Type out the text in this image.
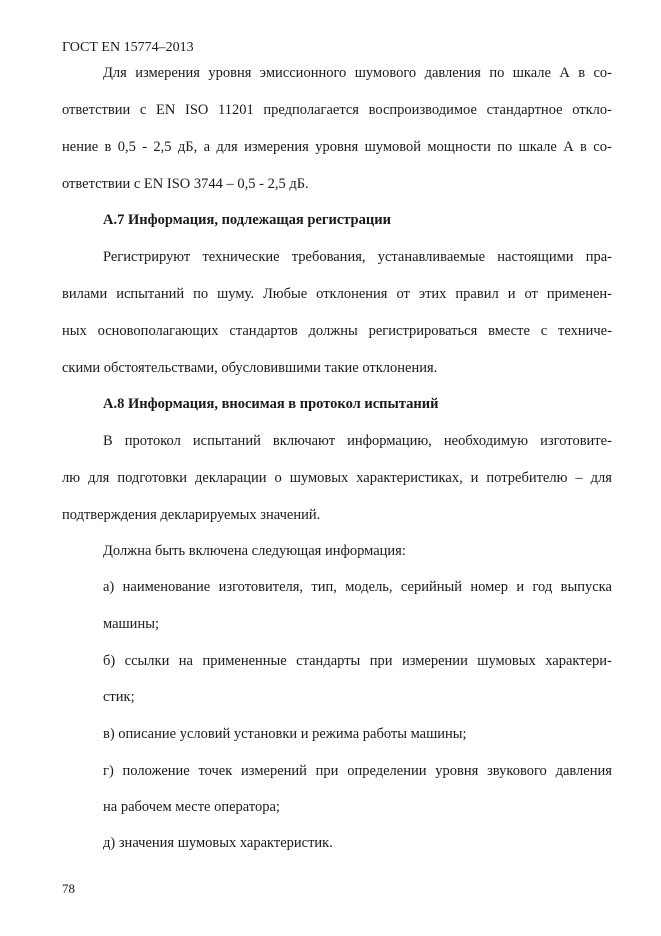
ГОСТ EN 15774–2013
Для измерения уровня эмиссионного шумового давления по шкале А в со-
ответствии с EN ISO 11201 предполагается воспроизводимое стандартное откло-
нение в 0,5 - 2,5 дБ, а для измерения уровня шумовой мощности по шкале А в со-
ответствии с EN ISO 3744 – 0,5 - 2,5 дБ.
А.7 Информация, подлежащая регистрации
Регистрируют технические требования, устанавливаемые настоящими пра-
вилами испытаний по шуму. Любые отклонения от этих правил и от применен-
ных основополагающих стандартов должны регистрироваться вместе с техниче-
скими обстоятельствами, обусловившими такие отклонения.
А.8 Информация, вносимая в протокол испытаний
В протокол испытаний включают информацию, необходимую изготовите-
лю для подготовки декларации о шумовых характеристиках, и потребителю – для
подтверждения декларируемых значений.
Должна быть включена следующая информация:
а) наименование изготовителя, тип, модель, серийный номер и год выпуска
машины;
б) ссылки на примененные стандарты при измерении шумовых характери-
стик;
в) описание условий установки и режима работы машины;
г) положение точек измерений при определении уровня звукового давления
на рабочем месте оператора;
д) значения шумовых характеристик.
78
